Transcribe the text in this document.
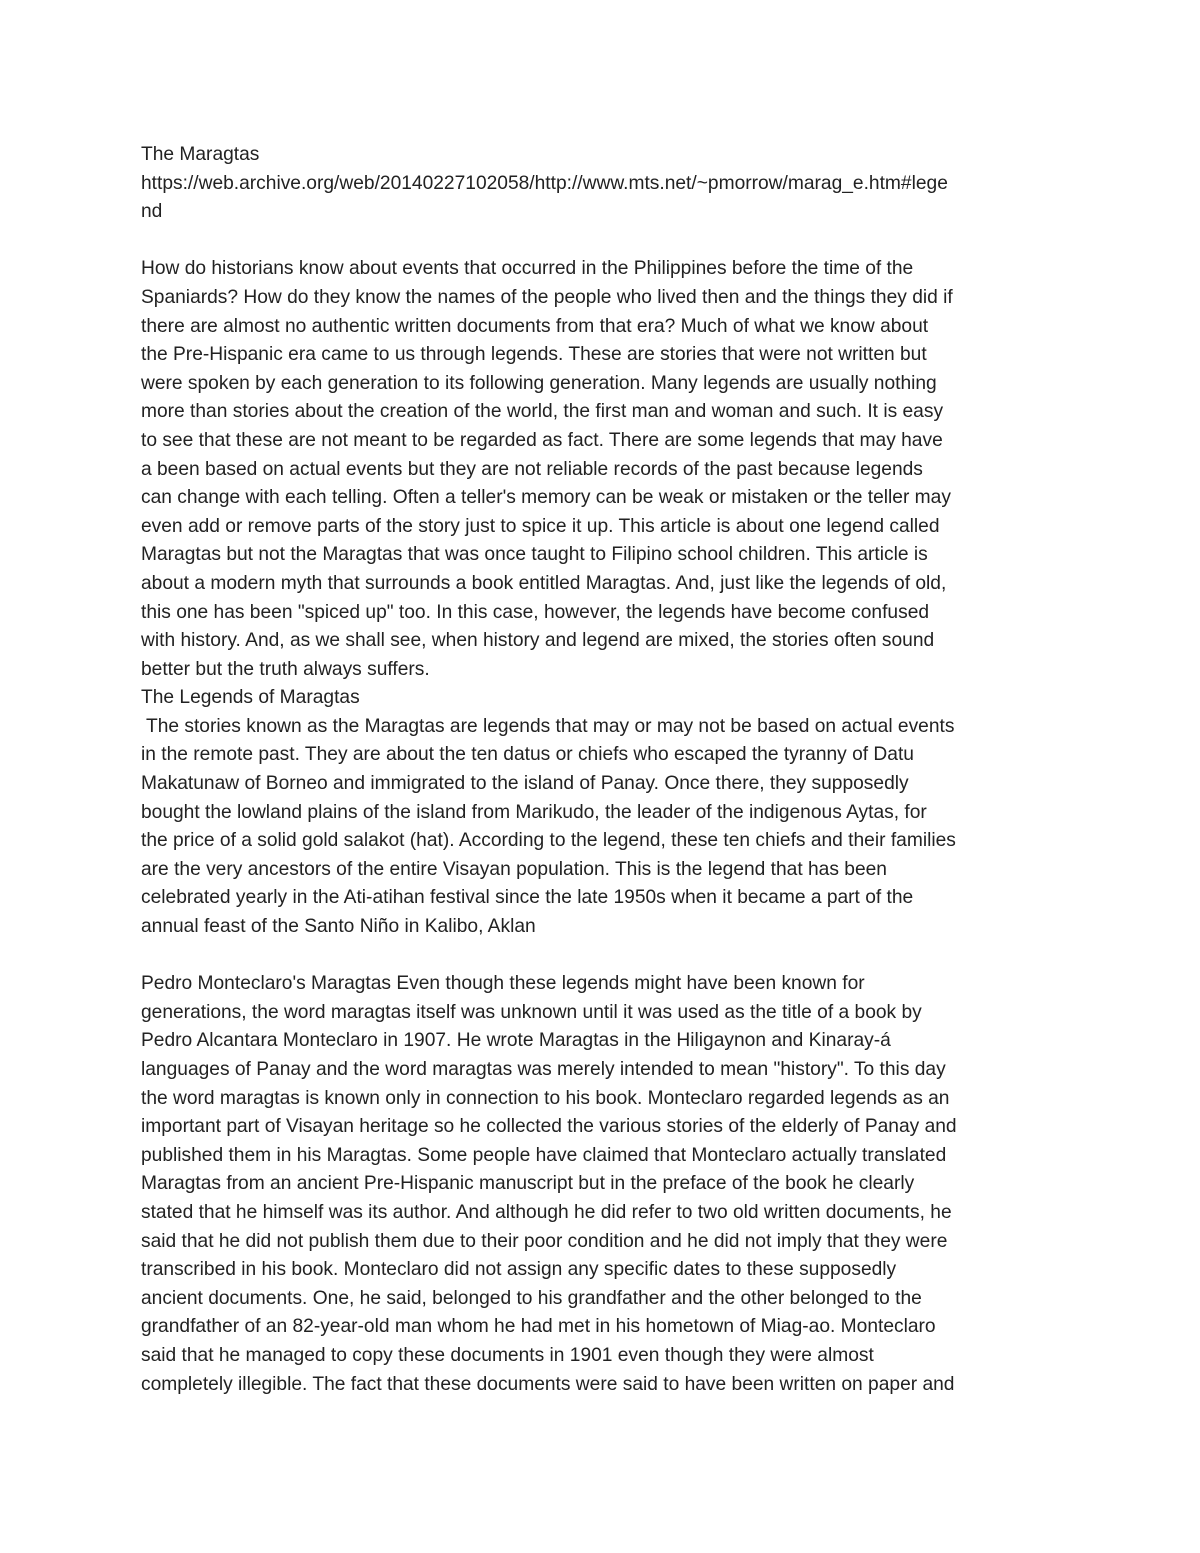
The Maragtas
https://web.archive.org/web/20140227102058/http://www.mts.net/~pmorrow/marag_e.htm#lege
nd
How do historians know about events that occurred in the Philippines before the time of the
Spaniards? How do they know the names of the people who lived then and the things they did if
there are almost no authentic written documents from that era? Much of what we know about
the Pre-Hispanic era came to us through legends. These are stories that were not written but
were spoken by each generation to its following generation. Many legends are usually nothing
more than stories about the creation of the world, the first man and woman and such. It is easy
to see that these are not meant to be regarded as fact. There are some legends that may have
a been based on actual events but they are not reliable records of the past because legends
can change with each telling. Often a teller's memory can be weak or mistaken or the teller may
even add or remove parts of the story just to spice it up. This article is about one legend called
Maragtas but not the Maragtas that was once taught to Filipino school children. This article is
about a modern myth that surrounds a book entitled Maragtas. And, just like the legends of old,
this one has been "spiced up" too. In this case, however, the legends have become confused
with history. And, as we shall see, when history and legend are mixed, the stories often sound
better but the truth always suffers.
The Legends of Maragtas
The stories known as the Maragtas are legends that may or may not be based on actual events
in the remote past. They are about the ten datus or chiefs who escaped the tyranny of Datu
Makatunaw of Borneo and immigrated to the island of Panay. Once there, they supposedly
bought the lowland plains of the island from Marikudo, the leader of the indigenous Aytas, for
the price of a solid gold salakot (hat). According to the legend, these ten chiefs and their families
are the very ancestors of the entire Visayan population. This is the legend that has been
celebrated yearly in the Ati-atihan festival since the late 1950s when it became a part of the
annual feast of the Santo Niño in Kalibo, Aklan
Pedro Monteclaro's Maragtas Even though these legends might have been known for
generations, the word maragtas itself was unknown until it was used as the title of a book by
Pedro Alcantara Monteclaro in 1907. He wrote Maragtas in the Hiligaynon and Kinaray-á
languages of Panay and the word maragtas was merely intended to mean "history". To this day
the word maragtas is known only in connection to his book. Monteclaro regarded legends as an
important part of Visayan heritage so he collected the various stories of the elderly of Panay and
published them in his Maragtas. Some people have claimed that Monteclaro actually translated
Maragtas from an ancient Pre-Hispanic manuscript but in the preface of the book he clearly
stated that he himself was its author. And although he did refer to two old written documents, he
said that he did not publish them due to their poor condition and he did not imply that they were
transcribed in his book. Monteclaro did not assign any specific dates to these supposedly
ancient documents. One, he said, belonged to his grandfather and the other belonged to the
grandfather of an 82-year-old man whom he had met in his hometown of Miag-ao. Monteclaro
said that he managed to copy these documents in 1901 even though they were almost
completely illegible. The fact that these documents were said to have been written on paper and
